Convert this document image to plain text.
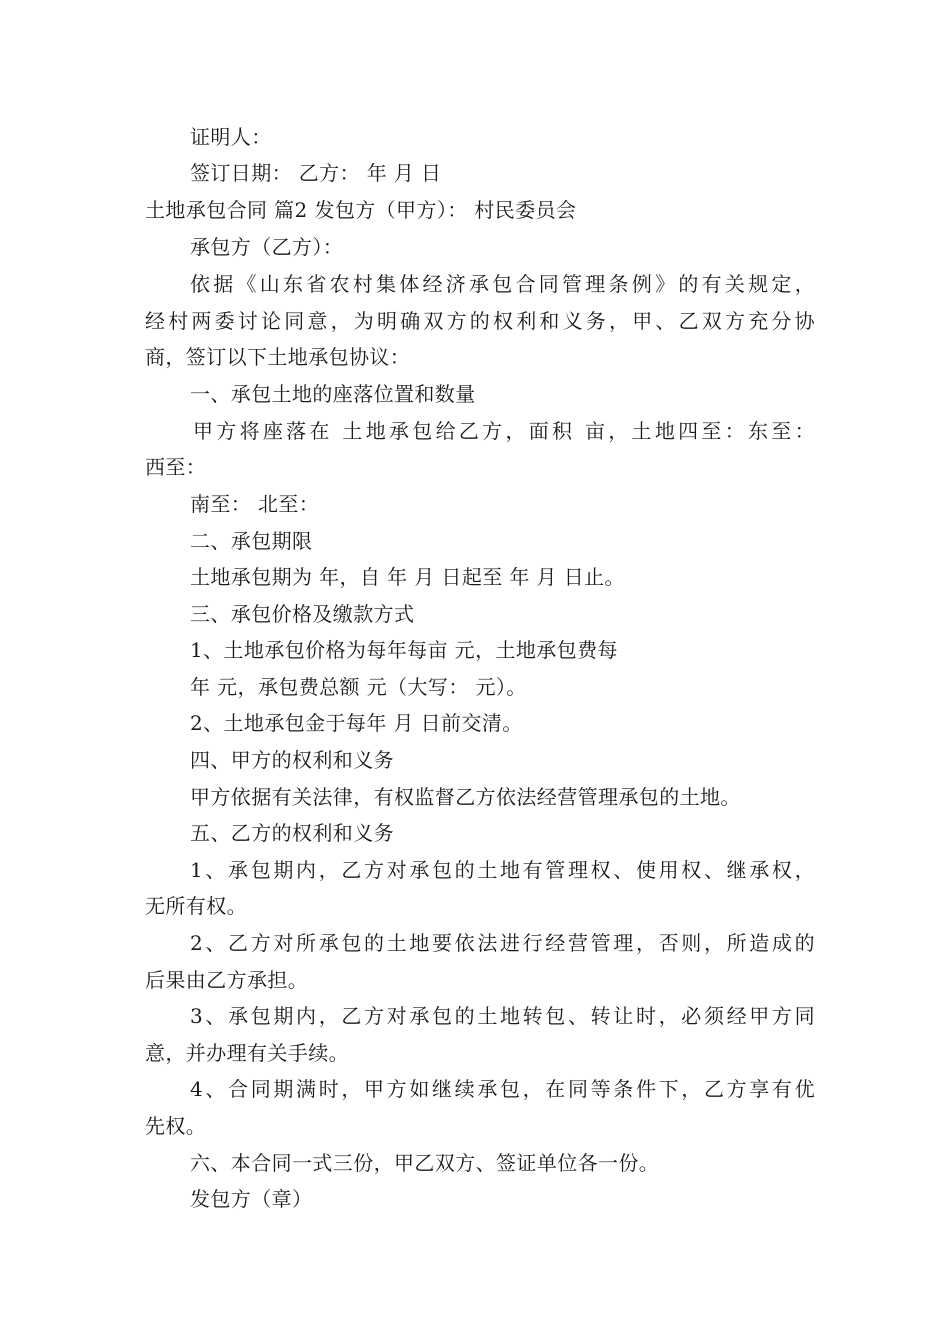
证明人：
签订日期： 乙方： 年 月 日
土地承包合同 篇2 发包方（甲方）： 村民委员会
承包方（乙方）：
依据《山东省农村集体经济承包合同管理条例》的有关规定，
经村两委讨论同意，为明确双方的权利和义务，甲、乙双方充分协
商，签订以下土地承包协议：
一、承包土地的座落位置和数量
甲方将座落在 土地承包给乙方，面积 亩，土地四至：东至：
西至：
南至： 北至：
二、承包期限
土地承包期为 年，自 年 月 日起至 年 月 日止。
三、承包价格及缴款方式
1、土地承包价格为每年每亩 元，土地承包费每
年 元，承包费总额 元（大写： 元）。
2、土地承包金于每年 月 日前交清。
四、甲方的权利和义务
甲方依据有关法律，有权监督乙方依法经营管理承包的土地。
五、乙方的权利和义务
1、承包期内，乙方对承包的土地有管理权、使用权、继承权，
无所有权。
2、乙方对所承包的土地要依法进行经营管理，否则，所造成的
后果由乙方承担。
3、承包期内，乙方对承包的土地转包、转让时，必须经甲方同
意，并办理有关手续。
4、合同期满时，甲方如继续承包，在同等条件下，乙方享有优
先权。
六、本合同一式三份，甲乙双方、签证单位各一份。
发包方（章）
